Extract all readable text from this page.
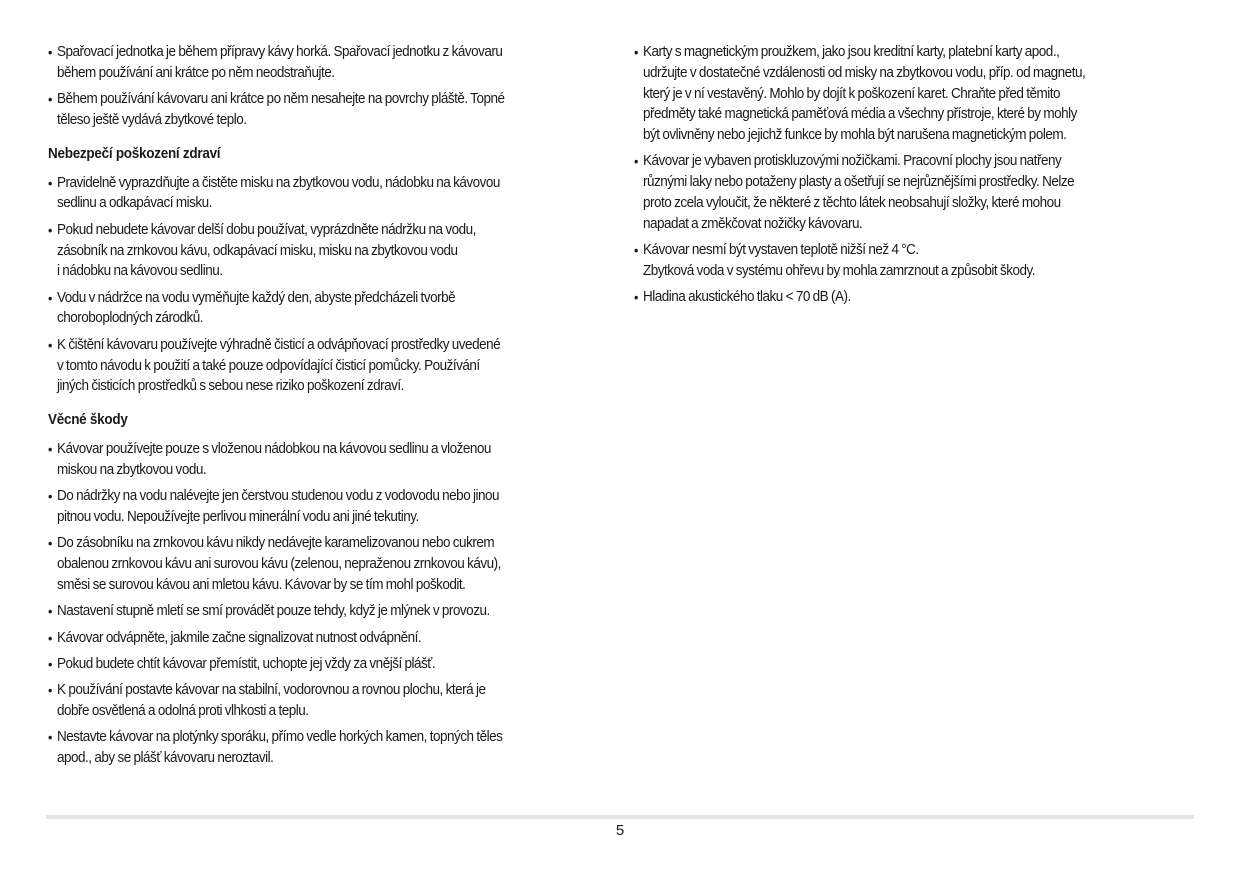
• Spařovací jednotka je během přípravy kávy horká. Spařovací jednotku z kávovaru
během používání ani krátce po něm neodstraňujte.
• Během používání kávovaru ani krátce po něm nesahejte na povrchy pláště. Topné
těleso ještě vydává zbytkové teplo.
Nebezpečí poškození zdraví
• Pravidelně vyprazdňujte a čistěte misku na zbytkovou vodu, nádobku na kávovou
sedlinu a odkapávací misku.
• Pokud nebudete kávovar delší dobu používat, vyprázdněte nádržku na vodu,
zásobník na zrnkovou kávu, odkapávací misku, misku na zbytkovou vodu
i nádobku na kávovou sedlinu.
• Vodu v nádržce na vodu vyměňujte každý den, abyste předcházeli tvorbě
choroboplodných zárodků.
• K čištění kávovaru používejte výhradně čisticí a odvápňovací prostředky uvedené
v tomto návodu k použití a také pouze odpovídající čisticí pomůcky. Používání
jiných čisticích prostředků s sebou nese riziko poškození zdraví.
Věcné škody
• Kávovar používejte pouze s vloženou nádobkou na kávovou sedlinu a vloženou
miskou na zbytkovou vodu.
• Do nádržky na vodu nalévejte jen čerstvou studenou vodu z vodovodu nebo jinou
pitnou vodu. Nepoužívejte perlivou minerální vodu ani jiné tekutiny.
• Do zásobníku na zrnkovou kávu nikdy nedávejte karamelizovanou nebo cukrem
obalenou zrnkovou kávu ani surovou kávu (zelenou, nepraženou zrnkovou kávu),
směsi se surovou kávou ani mletou kávu. Kávovar by se tím mohl poškodit.
• Nastavení stupně mletí se smí provádět pouze tehdy, když je mlýnek v provozu.
• Kávovar odvápněte, jakmile začne signalizovat nutnost odvápnění.
• Pokud budete chtít kávovar přemístit, uchopte jej vždy za vnější plášť.
• K používání postavte kávovar na stabilní, vodorovnou a rovnou plochu, která je
dobře osvětlená a odolná proti vlhkosti a teplu.
• Nestavte kávovar na plotýnky sporáku, přímo vedle horkých kamen, topných těles
apod., aby se plášť kávovaru neroztavil.
• Karty s magnetickým proužkem, jako jsou kreditní karty, platební karty apod.,
udržujte v dostatečné vzdálenosti od misky na zbytkovou vodu, příp. od magnetu,
který je v ní vestavěný. Mohlo by dojít k poškození karet. Chraňte před těmito
předměty také magnetická paměťová média a všechny přístroje, které by mohly
být ovlivněny nebo jejichž funkce by mohla být narušena magnetickým polem.
• Kávovar je vybaven protiskluzovými nožičkami. Pracovní plochy jsou natřeny
různými laky nebo potaženy plasty a ošetřují se nejrůznějšími prostředky. Nelze
proto zcela vyloučit, že některé z těchto látek neobsahují složky, které mohou
napadat a změkčovat nožičky kávovaru.
• Kávovar nesmí být vystaven teplotě nižší než 4 °C.
Zbytková voda v systému ohřevu by mohla zamrznout a způsobit škody.
• Hladina akustického tlaku < 70 dB (A).
5
